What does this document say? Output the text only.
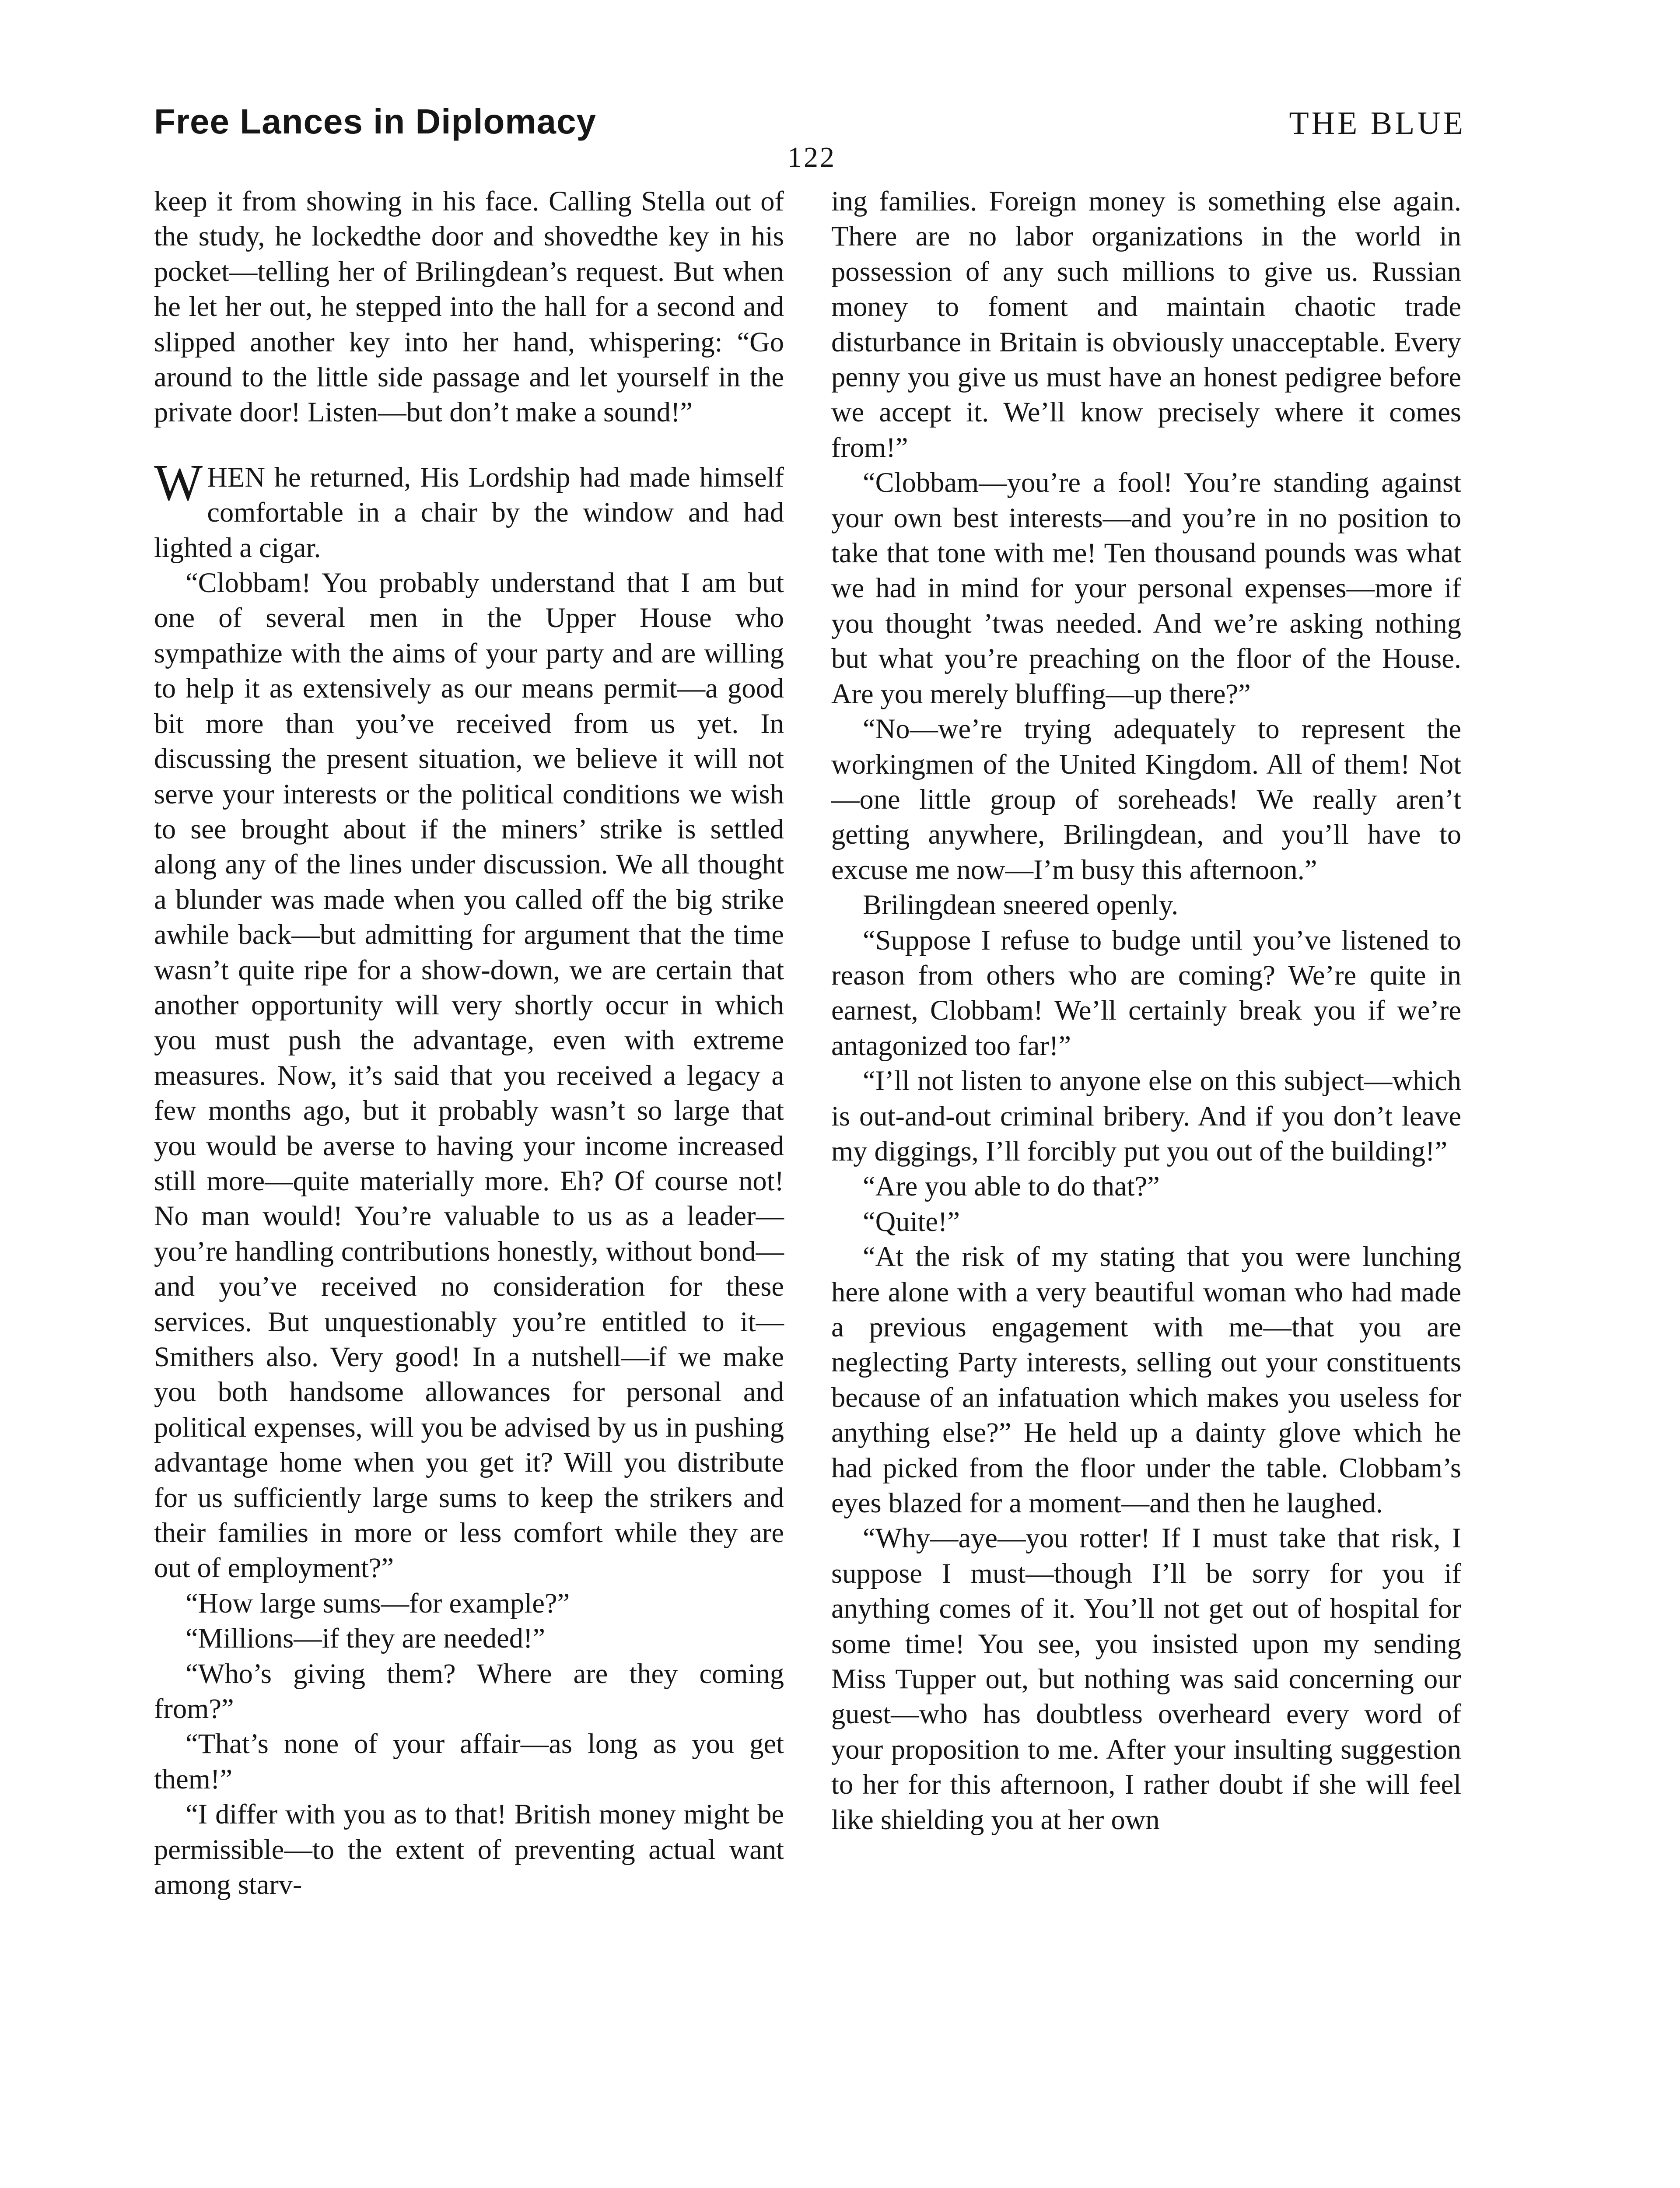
Free Lances in Diplomacy	THE BLUE
122

keep it from showing in his face. Calling Stella out of the study, he lockedthe door and shovedthe key in his pocket—telling her of Brilingdean’s request. But when he let her out, he stepped into the hall for a second and slipped another key into her hand, whispering: “Go around to the little side passage and let yourself in the private door! Listen—but don’t make a sound!”

WHEN he returned, His Lordship had made himself comfortable in a chair by the window and had lighted a cigar.

“Clobbam! You probably understand that I am but one of several men in the Upper House who sympathize with the aims of your party and are willing to help it as extensively as our means permit—a good bit more than you’ve received from us yet. In discussing the present situation, we believe it will not serve your interests or the political conditions we wish to see brought about if the miners’ strike is settled along any of the lines under discussion. We all thought a blunder was made when you called off the big strike awhile back—but admitting for argument that the time wasn’t quite ripe for a show-down, we are certain that another opportunity will very shortly occur in which you must push the advantage, even with extreme measures. Now, it’s said that you received a legacy a few months ago, but it probably wasn’t so large that you would be averse to having your income increased still more—quite materially more. Eh? Of course not! No man would! You’re valuable to us as a leader—you’re handling contributions honestly, without bond—and you’ve received no consideration for these services. But unquestionably you’re entitled to it—Smithers also. Very good! In a nutshell—if we make you both handsome allowances for personal and political expenses, will you be advised by us in pushing advantage home when you get it? Will you distribute for us sufficiently large sums to keep the strikers and their families in more or less comfort while they are out of employment?”

“How large sums—for example?”

“Millions—if they are needed!”

“Who’s giving them? Where are they coming from?”

“That’s none of your affair—as long as you get them!”

“I differ with you as to that! British money might be permissible—to the extent of preventing actual want among starv-

ing families. Foreign money is something else again. There are no labor organizations in the world in possession of any such millions to give us. Russian money to foment and maintain chaotic trade disturbance in Britain is obviously unacceptable. Every penny you give us must have an honest pedigree before we accept it. We’ll know precisely where it comes from!”

“Clobbam—you’re a fool! You’re standing against your own best interests—and you’re in no position to take that tone with me! Ten thousand pounds was what we had in mind for your personal expenses—more if you thought ’twas needed. And we’re asking nothing but what you’re preaching on the floor of the House. Are you merely bluffing—up there?”

“No—we’re trying adequately to represent the workingmen of the United Kingdom. All of them! Not—one little group of soreheads! We really aren’t getting anywhere, Brilingdean, and you’ll have to excuse me now—I’m busy this afternoon.”

Brilingdean sneered openly.

“Suppose I refuse to budge until you’ve listened to reason from others who are coming? We’re quite in earnest, Clobbam! We’ll certainly break you if we’re antagonized too far!”

“I’ll not listen to anyone else on this subject—which is out-and-out criminal bribery. And if you don’t leave my diggings, I’ll forcibly put you out of the building!”

“Are you able to do that?”

“Quite!”

“At the risk of my stating that you were lunching here alone with a very beautiful woman who had made a previous engagement with me—that you are neglecting Party interests, selling out your constituents because of an infatuation which makes you useless for anything else?” He held up a dainty glove which he had picked from the floor under the table. Clobbam’s eyes blazed for a moment—and then he laughed.

“Why—aye—you rotter! If I must take that risk, I suppose I must—though I’ll be sorry for you if anything comes of it. You’ll not get out of hospital for some time! You see, you insisted upon my sending Miss Tupper out, but nothing was said concerning our guest—who has doubtless overheard every word of your proposition to me. After your insulting suggestion to her for this afternoon, I rather doubt if she will feel like shielding you at her own
